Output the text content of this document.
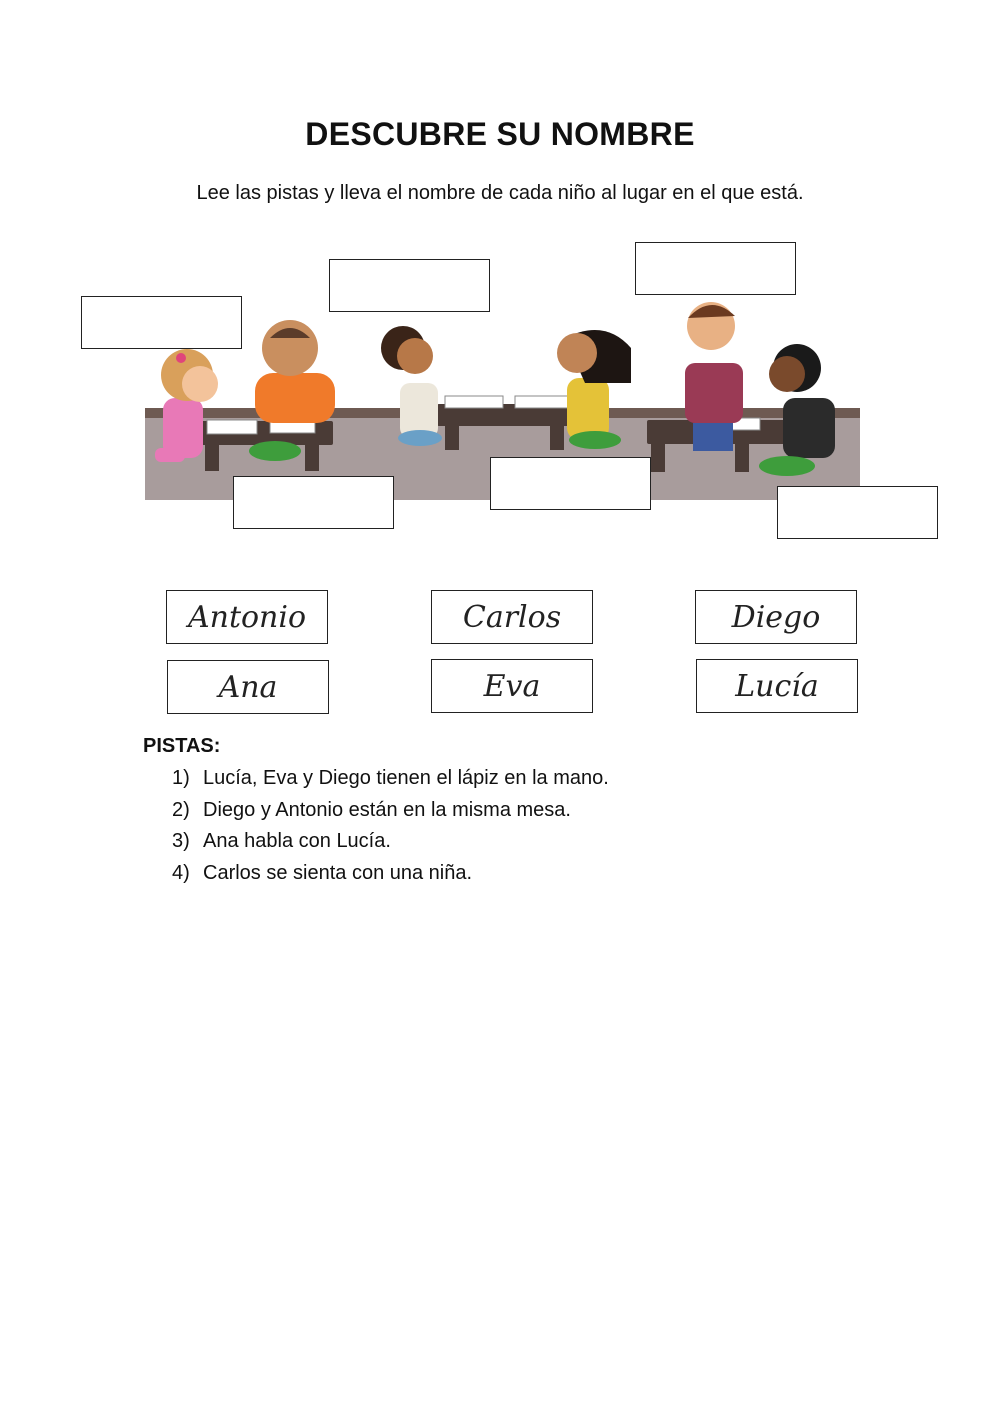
DESCUBRE SU NOMBRE

Lee las pistas y lleva el nombre de cada niño al lugar en el que está.

Antonio	Carlos	Diego
Ana	Eva	Lucía
PISTAS:
1) Lucía, Eva y Diego tienen el lápiz en la mano.
2) Diego y Antonio están en la misma mesa.
3) Ana habla con Lucía.
4) Carlos se sienta con una niña.
